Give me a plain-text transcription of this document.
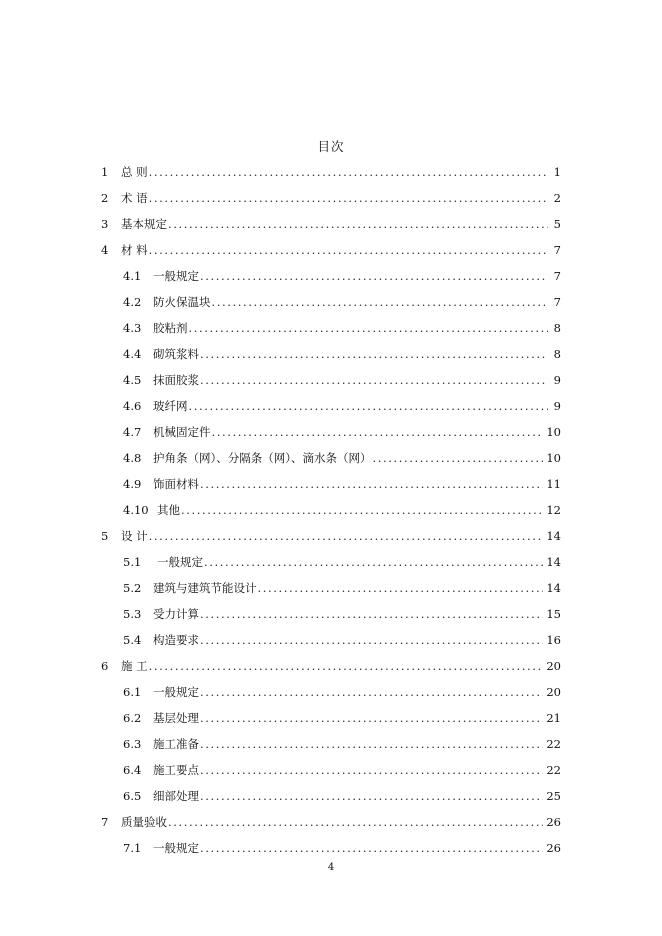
目次
1	总 则 .....	1
2	术 语 .....	2
3	基本规定 .....	5
4	材 料 .....	7
4.1	一般规定 .....	7
4.2	防火保温块 .....	7
4.3	胶粘剂 .....	8
4.4	砌筑浆料 .....	8
4.5	抹面胶浆 .....	9
4.6	玻纤网 .....	9
4.7	机械固定件 .....	10
4.8	护角条（网）、分隔条（网）、滴水条（网） .....	10
4.9	饰面材料 .....	11
4.10 其他 .....	12
5	设 计 .....	14
5.1	一般规定 .....	14
5.2	建筑与建筑节能设计 .....	14
5.3	受力计算 .....	15
5.4	构造要求 .....	16
6	施 工 .....	20
6.1	一般规定 .....	20
6.2	基层处理 .....	21
6.3	施工准备 .....	22
6.4	施工要点 .....	22
6.5	细部处理 .....	25
7	质量验收 .....	26
7.1	一般规定 .....	26
4
